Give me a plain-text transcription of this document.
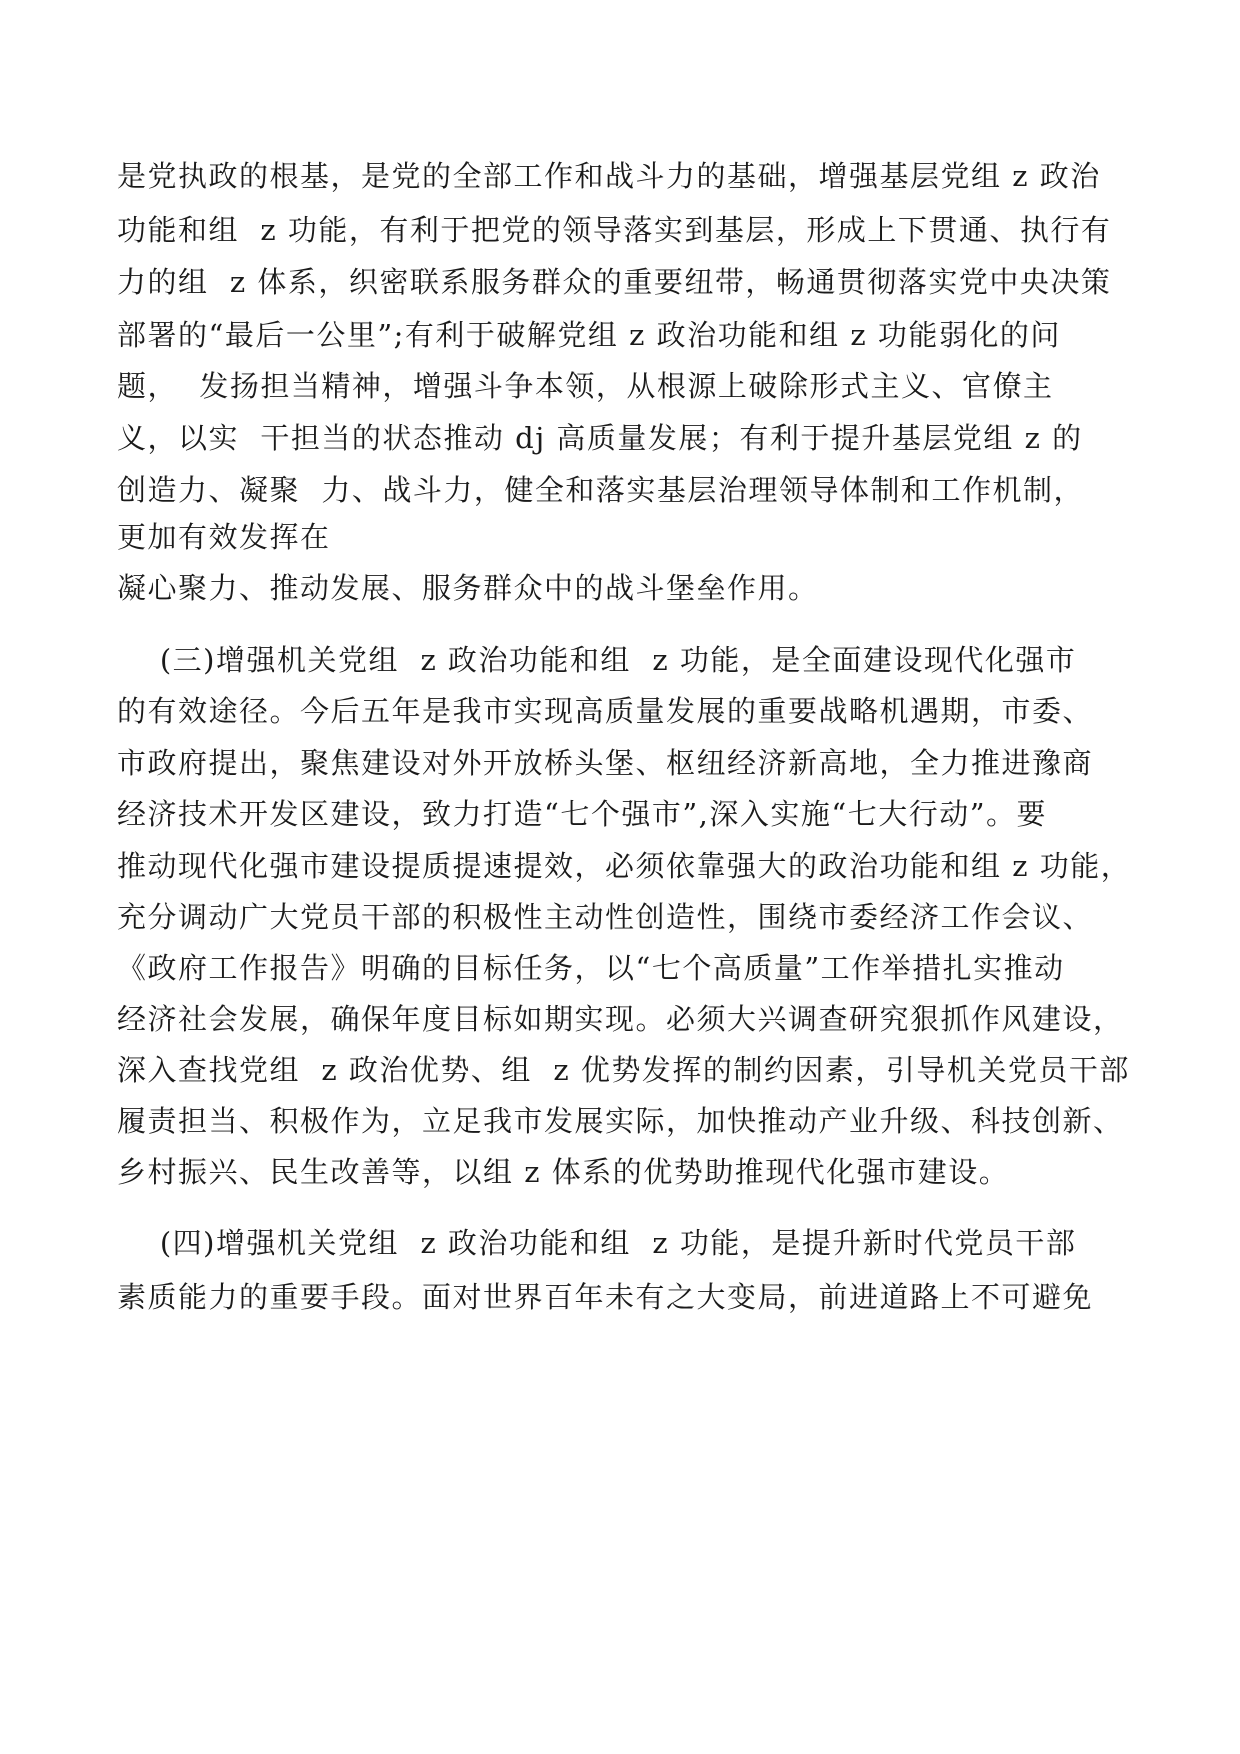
是党执政的根基，是党的全部工作和战斗力的基础，增强基层党组 z 政治
功能和组  z 功能，有利于把党的领导落实到基层，形成上下贯通、执行有
力的组  z 体系，织密联系服务群众的重要纽带，畅通贯彻落实党中央决策
部署的“最后一公里”;有利于破解党组 z 政治功能和组 z 功能弱化的问
题，  发扬担当精神，增强斗争本领，从根源上破除形式主义、官僚主
义，以实  干担当的状态推动 dj 高质量发展；有利于提升基层党组 z 的
创造力、凝聚  力、战斗力，健全和落实基层治理领导体制和工作机制，
更加有效发挥在
凝心聚力、推动发展、服务群众中的战斗堡垒作用。
(三)增强机关党组  z 政治功能和组  z 功能，是全面建设现代化强市
的有效途径。今后五年是我市实现高质量发展的重要战略机遇期，市委、
市政府提出，聚焦建设对外开放桥头堡、枢纽经济新高地，全力推进豫商
经济技术开发区建设，致力打造“七个强市”,深入实施“七大行动”。要
推动现代化强市建设提质提速提效，必须依靠强大的政治功能和组 z 功能，
充分调动广大党员干部的积极性主动性创造性，围绕市委经济工作会议、
《政府工作报告》明确的目标任务，以“七个高质量”工作举措扎实推动
经济社会发展，确保年度目标如期实现。必须大兴调查研究狠抓作风建设，
深入查找党组  z 政治优势、组  z 优势发挥的制约因素，引导机关党员干部
履责担当、积极作为，立足我市发展实际，加快推动产业升级、科技创新、
乡村振兴、民生改善等，以组 z 体系的优势助推现代化强市建设。
(四)增强机关党组  z 政治功能和组  z 功能，是提升新时代党员干部
素质能力的重要手段。面对世界百年未有之大变局，前进道路上不可避免
